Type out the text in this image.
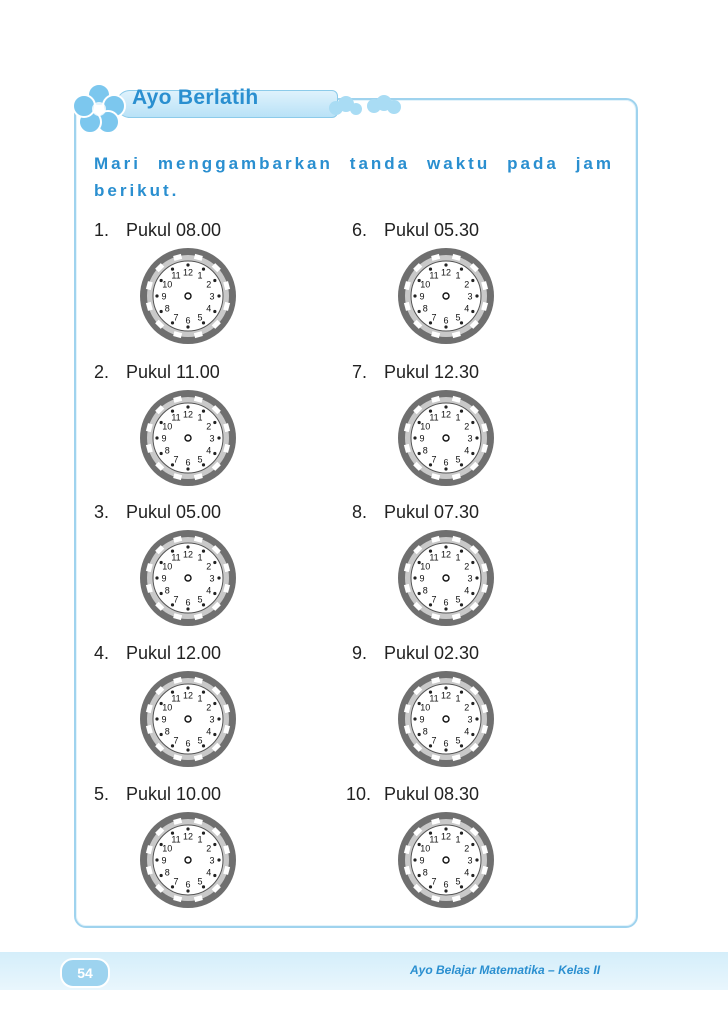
Ayo Berlatih
Mari menggambarkan tanda waktu pada jam berikut.
1. Pukul 08.00
12 1
2
3
4
5
6
7
8
9
10
11
2. Pukul 11.00
12 1
2
3
4
5
6
7
8
9
10
11
3. Pukul 05.00
12 1
2
3
4
5
6
7
8
9
10
11
4. Pukul 12.00
12 1
2
3
4
5
6
7
8
9
10
11
5. Pukul 10.00
12 1
2
3
4
5
6
7
8
9
10
11
6. Pukul 05.30
12 1
2
3
4
5
6
7
8
9
10
11
7. Pukul 12.30
12 1
2
3
4
5
6
7
8
9
10
11
8. Pukul 07.30
12 1
2
3
4
5
6
7
8
9
10
11
9. Pukul 02.30
12 1
2
3
4
5
6
7
8
9
10
11
10. Pukul 08.30
12 1
2
3
4
5
6
7
8
9
10
11
54	Ayo Belajar Matematika – Kelas II
